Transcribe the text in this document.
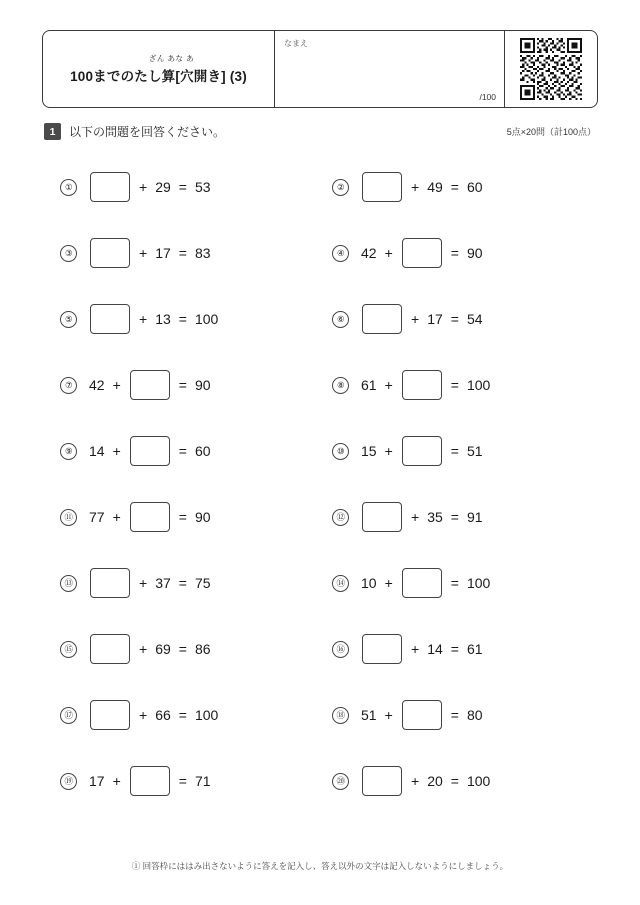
ざん あな あ
100までのたし算[穴開き] (3)
なまえ
/100
1	以下の問題を回答ください。	5点×20問（計100点）
①	+ 29 = 53	②	+ 49 = 60
③	+ 17 = 83	④	42 +	= 90
⑤	+ 13 = 100	⑥	+ 17 = 54
⑦	42 +	= 90	⑧	61 +	= 100
⑨	14 +	= 60	⑩	15 +	= 51
⑪	77 +	= 90	⑫	+ 35 = 91
⑬	+ 37 = 75	⑭	10 +	= 100
⑮	+ 69 = 86	⑯	+ 14 = 61
⑰	+ 66 = 100	⑱	51 +	= 80
⑲	17 +	= 71	⑳	+ 20 = 100
① 回答枠にははみ出さないように答えを記入し、答え以外の文字は記入しないようにしましょう。
